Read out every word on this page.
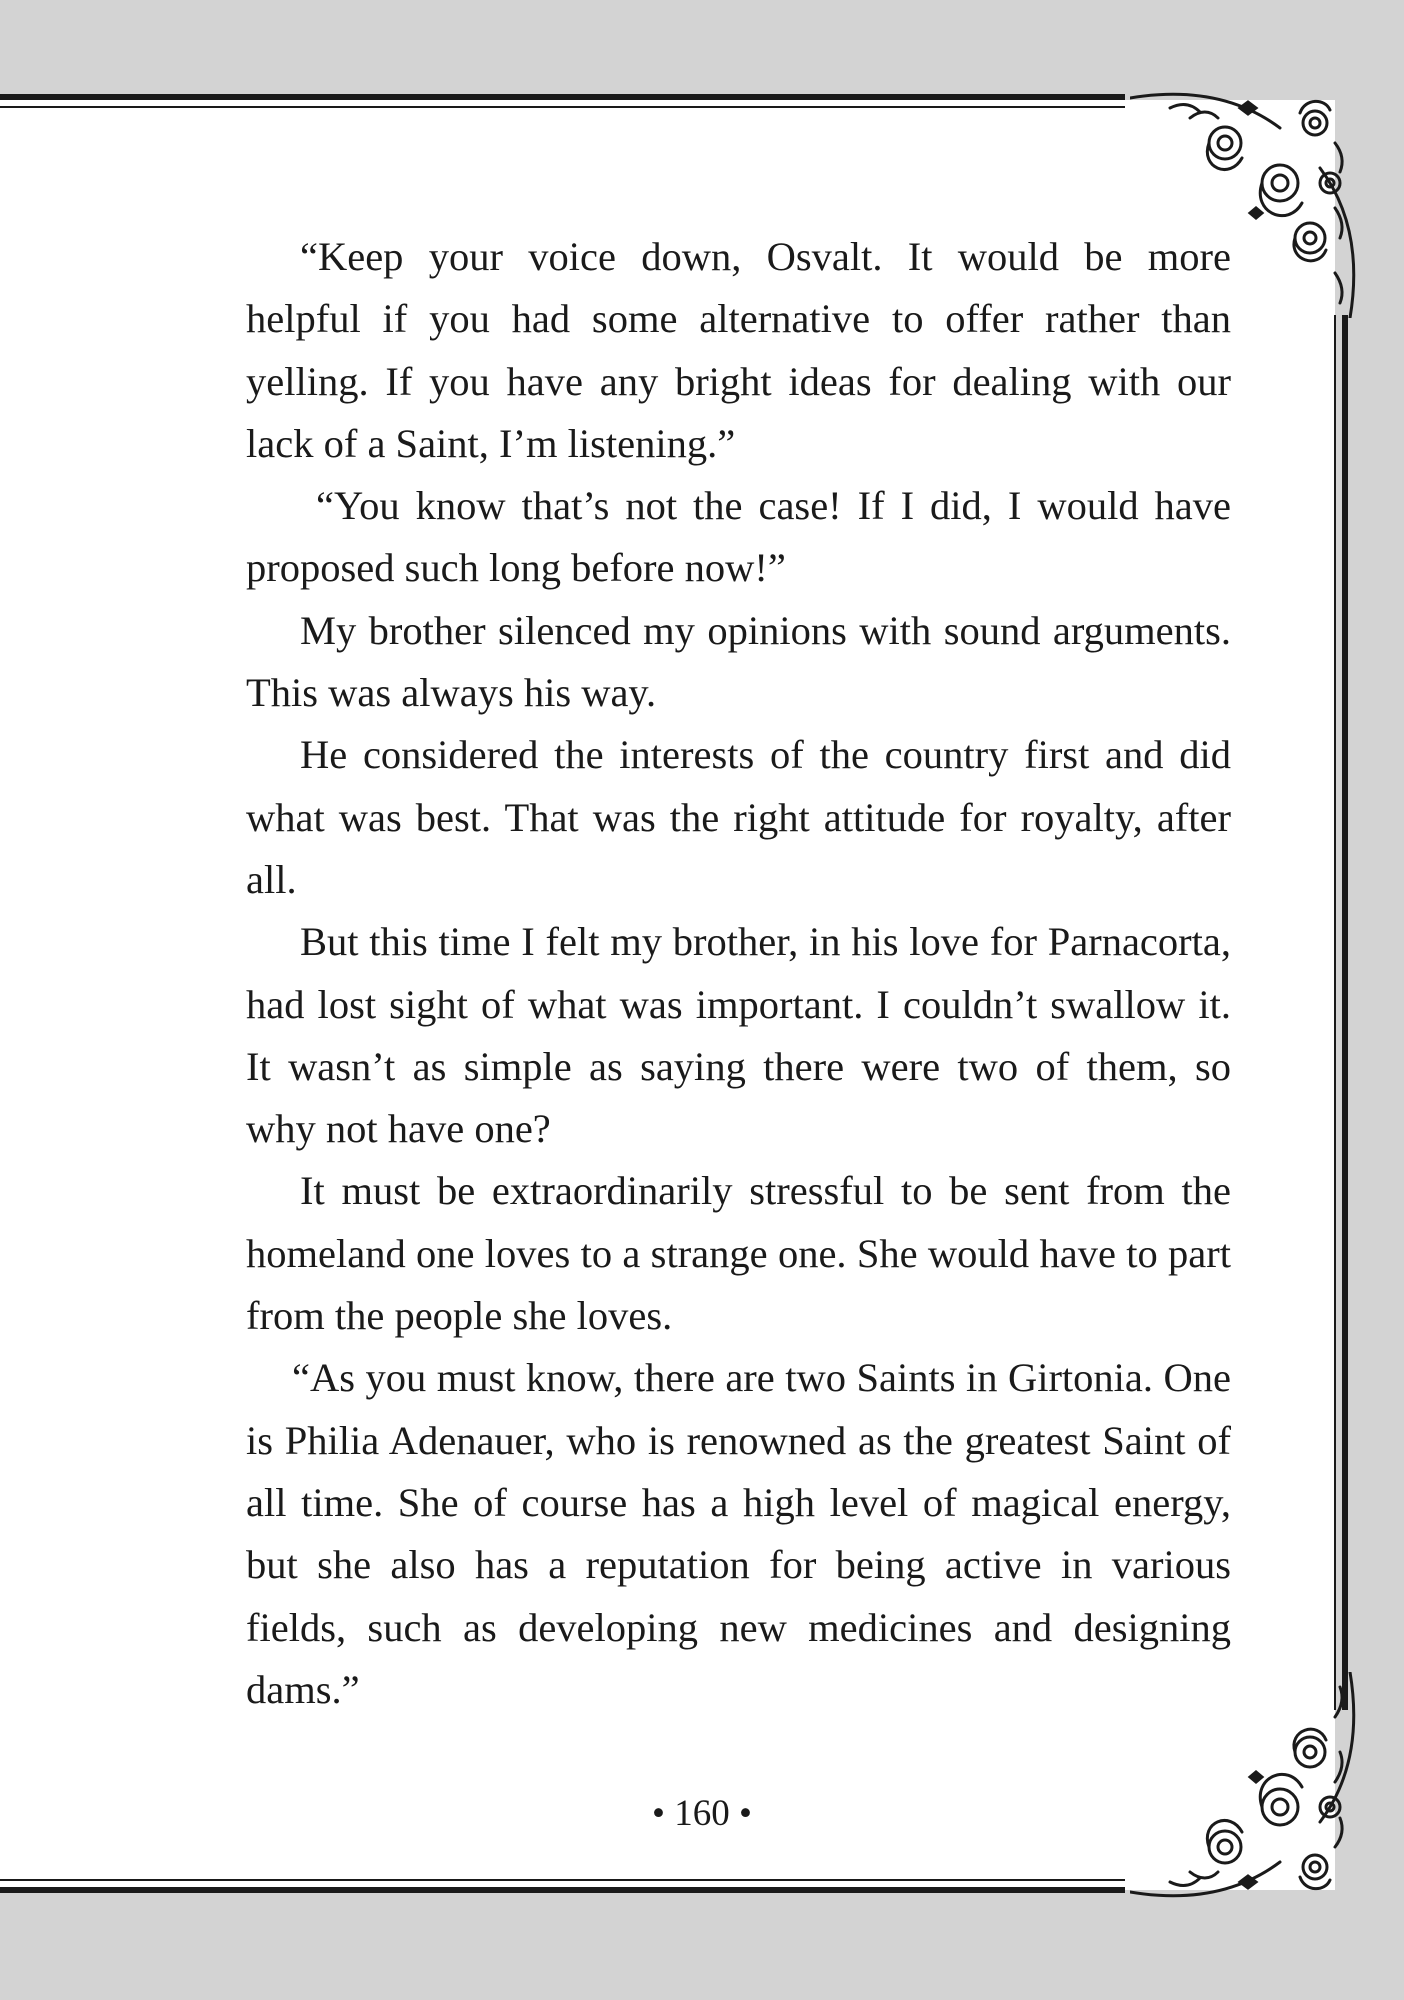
“Keep your voice down, Osvalt. It would be more helpful if you had some alternative to offer rather than yelling. If you have any bright ideas for dealing with our lack of a Saint, I’m listening.”

“You know that’s not the case! If I did, I would have proposed such long before now!”

My brother silenced my opinions with sound arguments. This was always his way.

He considered the interests of the country first and did what was best. That was the right attitude for royalty, after all.

But this time I felt my brother, in his love for Parnacorta, had lost sight of what was important. I couldn’t swallow it. It wasn’t as simple as saying there were two of them, so why not have one?

It must be extraordinarily stressful to be sent from the homeland one loves to a strange one. She would have to part from the people she loves.

“As you must know, there are two Saints in Girtonia. One is Philia Adenauer, who is renowned as the greatest Saint of all time. She of course has a high level of magical energy, but she also has a reputation for being active in various fields, such as developing new medicines and designing dams.”

• 160 •
